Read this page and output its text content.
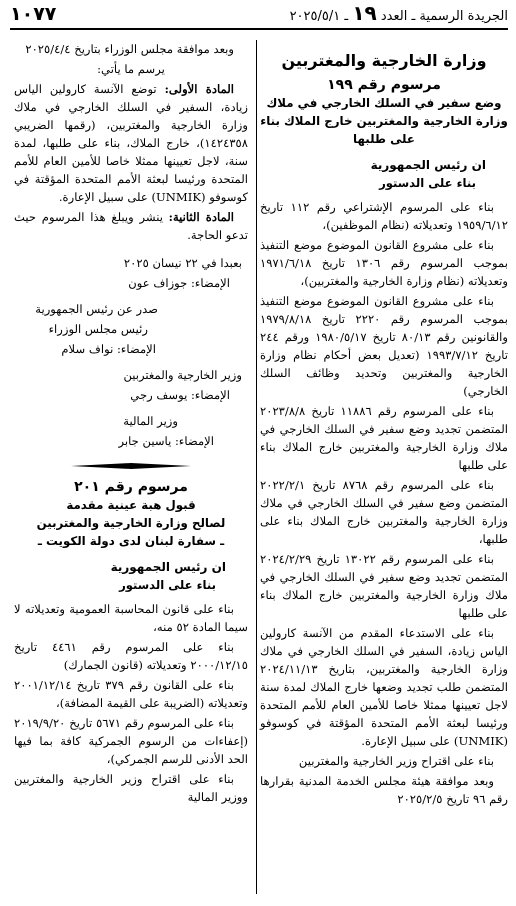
الجريدة الرسمية ـ العدد ١٩ ـ ٢٠٢٥/٥/١
١٠٧٧
وزارة الخارجية والمغتربين
مرسوم رقم ١٩٩
وضع سفير في السلك الخارجي في ملاك وزارة الخارجية والمغتربين خارج الملاك بناء على طلبها
ان رئيس الجمهورية
بناء على الدستور

بناء على المرسوم الإشتراعي رقم ١١٢ تاريخ ١٩٥٩/٦/١٢ وتعديلاته (نظام الموظفين)،

بناء على مشروع القانون الموضوع موضع التنفيذ بموجب المرسوم رقم ١٣٠٦ تاريخ ١٩٧١/٦/١٨ وتعديلاته (نظام وزارة الخارجية والمغتربين)،

بناء على مشروع القانون الموضوع موضع التنفيذ بموجب المرسوم رقم ٢٢٢٠ تاريخ ١٩٧٩/٨/١٨ والقانونين رقم ٨٠/١٣ تاريخ ١٩٨٠/٥/١٧ ورقم ٢٤٤ تاريخ ١٩٩٣/٧/١٢ (تعديل بعض أحكام نظام وزارة الخارجية والمغتربين وتحديد وظائف السلك الخارجي)

بناء على المرسوم رقم ١١٨٨٦ تاريخ ٢٠٢٣/٨/٨ المتضمن تجديد وضع سفير في السلك الخارجي في ملاك وزارة الخارجية والمغتربين خارج الملاك بناء على طلبها

بناء على المرسوم رقم ٨٧٦٨ تاريخ ٢٠٢٢/٢/١ المتضمن وضع سفير في السلك الخارجي في ملاك وزارة الخارجية والمغتربين خارج الملاك بناء على طلبها،

بناء على المرسوم رقم ١٣٠٢٢ تاريخ ٢٠٢٤/٢/٢٩ المتضمن تجديد وضع سفير في السلك الخارجي في ملاك وزارة الخارجية والمغتربين خارج الملاك بناء على طلبها

بناء على الاستدعاء المقدم من الآنسة كارولين الياس زيادة، السفير في السلك الخارجي في ملاك وزارة الخارجية والمغتربين، بتاريخ ٢٠٢٤/١١/١٣ المتضمن طلب تجديد وضعها خارج الملاك لمدة سنة لاجل تعيينها ممثلا خاصا للأمين العام للأمم المتحدة ورئيسا لبعثة الأمم المتحدة المؤقتة في كوسوفو (UNMIK) على سبيل الإعارة.

بناء على اقتراح وزير الخارجية والمغتربين

وبعد موافقة هيئة مجلس الخدمة المدنية بقرارها رقم ٩٦ تاريخ ٢٠٢٥/٢/٥

وبعد موافقة مجلس الوزراء بتاريخ ٢٠٢٥/٤/٤

يرسم ما يأتي:

المادة الأولى: توضع الآنسة كارولين الياس زيادة، السفير في السلك الخارجي في ملاك وزارة الخارجية والمغتربين، (رقمها الضريبي ١٤٢٤٣٥٨)، خارج الملاك، بناء على طلبها، لمدة سنة، لاجل تعيينها ممثلا خاصا للأمين العام للأمم المتحدة ورئيسا لبعثة الأمم المتحدة المؤقتة في كوسوفو (UNMIK) على سبيل الإعارة.

المادة الثانية: ينشر ويبلغ هذا المرسوم حيث تدعو الحاجة.

بعبدا في ٢٢ نيسان ٢٠٢٥

الإمضاء: جوزاف عون

صدر عن رئيس الجمهورية

رئيس مجلس الوزراء

الإمضاء: نواف سلام

وزير الخارجية والمغتربين

الإمضاء: يوسف رجي

وزير المالية

الإمضاء: ياسين جابر

مرسوم رقم ٢٠١
قبول هبة عينية مقدمة
لصالح وزارة الخارجية والمغتربين
ـ سفارة لبنان لدى دولة الكويت ـ
ان رئيس الجمهورية
بناء على الدستور

بناء على قانون المحاسبة العمومية وتعديلاته لا سيما المادة ٥٢ منه،

بناء على المرسوم رقم ٤٤٦١ تاريخ ٢٠٠٠/١٢/١٥ وتعديلاته (قانون الجمارك)

بناء على القانون رقم ٣٧٩ تاريخ ٢٠٠١/١٢/١٤ وتعديلاته (الضريبة على القيمة المضافة)،

بناء على المرسوم رقم ٥٦٧١ تاريخ ٢٠١٩/٩/٢٠ (إعفاءات من الرسوم الجمركية كافة بما فيها الحد الأدنى للرسم الجمركي)،

بناء على اقتراح وزير الخارجية والمغتربين ووزير المالية
